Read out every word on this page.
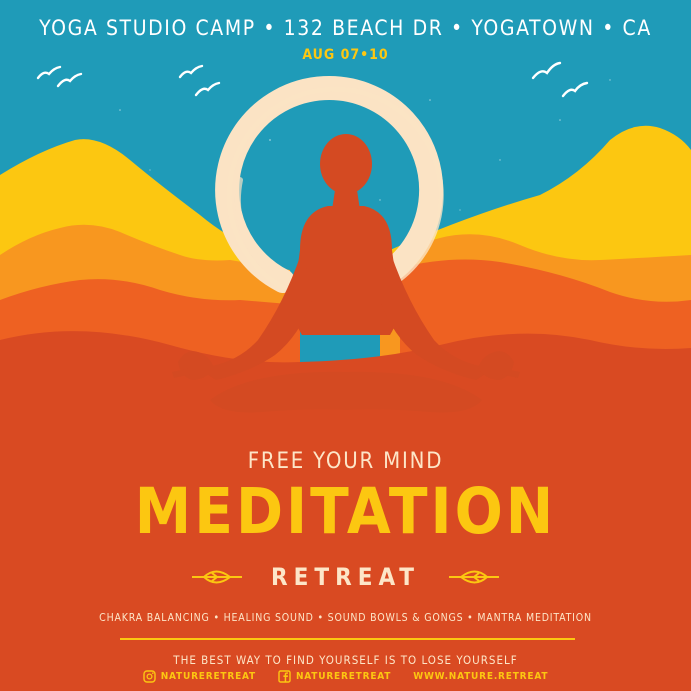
YOGA STUDIO CAMP • 132 BEACH DR • YOGATOWN • CA

AUG 07•10

FREE YOUR MIND

MEDITATION

RETREAT

CHAKRA BALANCING • HEALING SOUND • SOUND BOWLS & GONGS • MANTRA MEDITATION

THE BEST WAY TO FIND YOURSELF IS TO LOSE YOURSELF

NATURERETREAT	NATURERETREAT WWW.NATURE.RETREAT
